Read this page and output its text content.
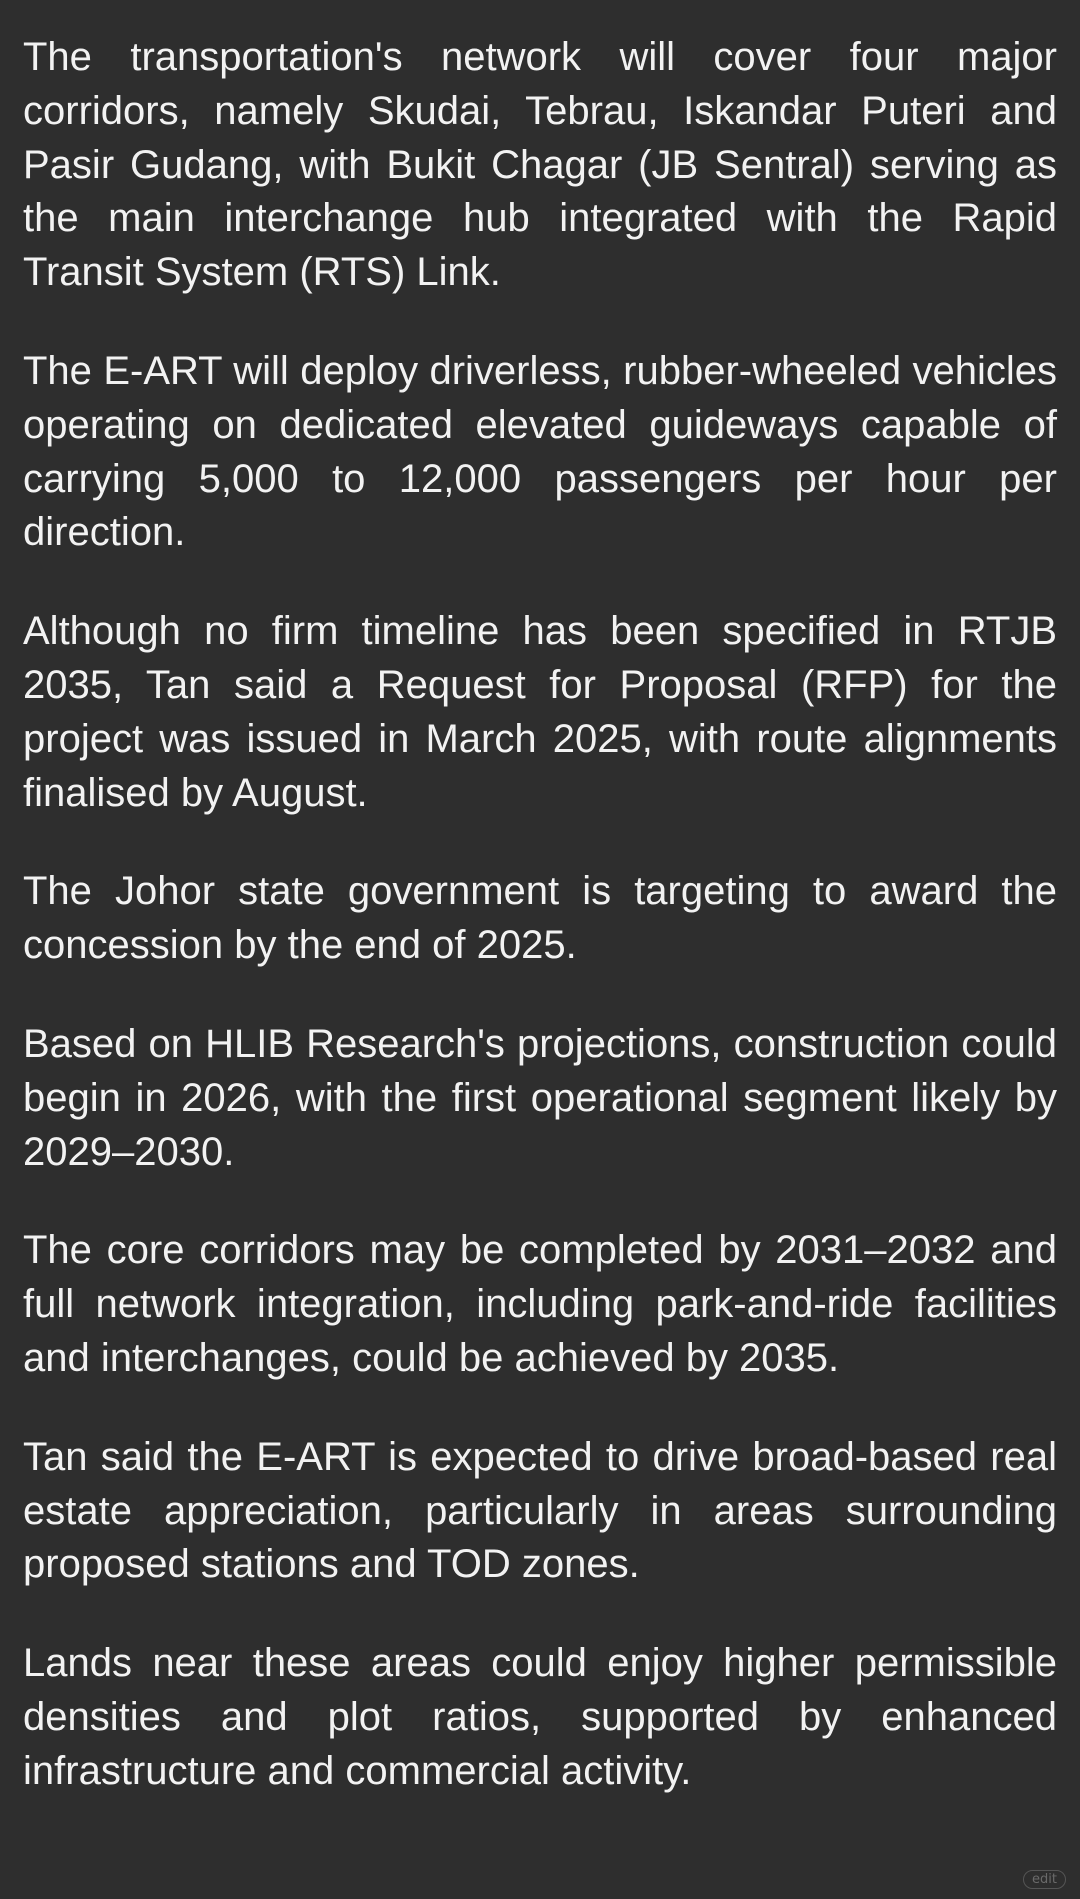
The transportation's network will cover four major corridors, namely Skudai, Tebrau, Iskandar Puteri and Pasir Gudang, with Bukit Chagar (JB Sentral) serving as the main interchange hub integrated with the Rapid Transit System (RTS) Link.

The E-ART will deploy driverless, rubber-wheeled vehicles operating on dedicated elevated guideways capable of carrying 5,000 to 12,000 passengers per hour per direction.

Although no firm timeline has been specified in RTJB 2035, Tan said a Request for Proposal (RFP) for the project was issued in March 2025, with route alignments finalised by August.

The Johor state government is targeting to award the concession by the end of 2025.

Based on HLIB Research's projections, construction could begin in 2026, with the first operational segment likely by 2029–2030.

The core corridors may be completed by 2031–2032 and full network integration, including park-and-ride facilities and interchanges, could be achieved by 2035.

Tan said the E-ART is expected to drive broad-based real estate appreciation, particularly in areas surrounding proposed stations and TOD zones.

Lands near these areas could enjoy higher permissible densities and plot ratios, supported by enhanced infrastructure and commercial activity.

edit
